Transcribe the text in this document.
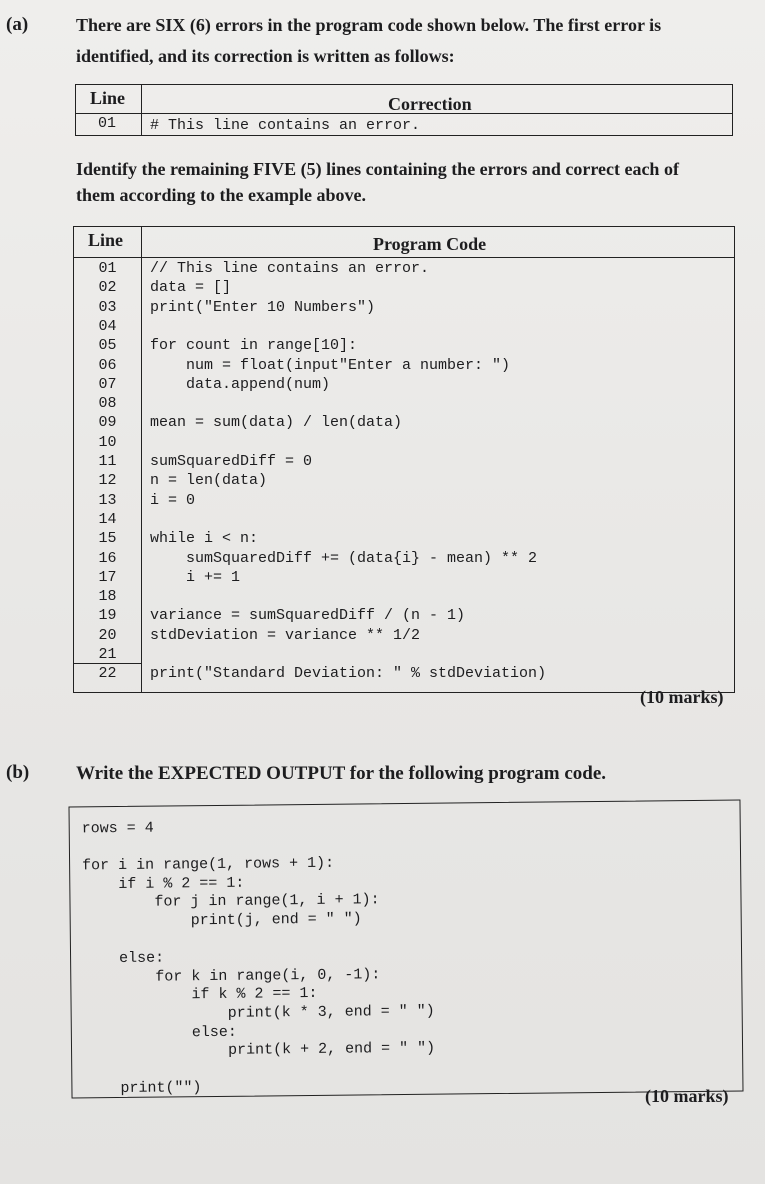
(a)	There are SIX (6) errors in the program code shown below. The first error is
identified, and its correction is written as follows:
Line	Correction
01 # This line contains an error.
Identify the remaining FIVE (5) lines containing the errors and correct each of
them according to the example above.
Line	Program Code
01	// This line contains an error.
02	data = []
03	print("Enter 10 Numbers")
04
05	for count in range[10]:
06	num = float(input"Enter a number: ")
07	data.append(num)
08
09	mean = sum(data) / len(data)
10
11	sumSquaredDiff = 0
12	n = len(data)
13	i = 0
14
15	while i < n:
16	sumSquaredDiff += (data{i} - mean) ** 2
17	i += 1
18
19	variance = sumSquaredDiff / (n - 1)
20	stdDeviation = variance ** 1/2
21
22	print("Standard Deviation: " % stdDeviation)
(10 marks)
(b) Write the EXPECTED OUTPUT for the following program code.
rows = 4
for i in range(1, rows + 1):
if i % 2 == 1:
for j in range(1, i + 1):
print(j, end = " ")
else:
for k in range(i, 0, -1):
if k % 2 == 1:
print(k * 3, end = " ")
else:
print(k + 2, end = " ")
print("")	(10 marks)
